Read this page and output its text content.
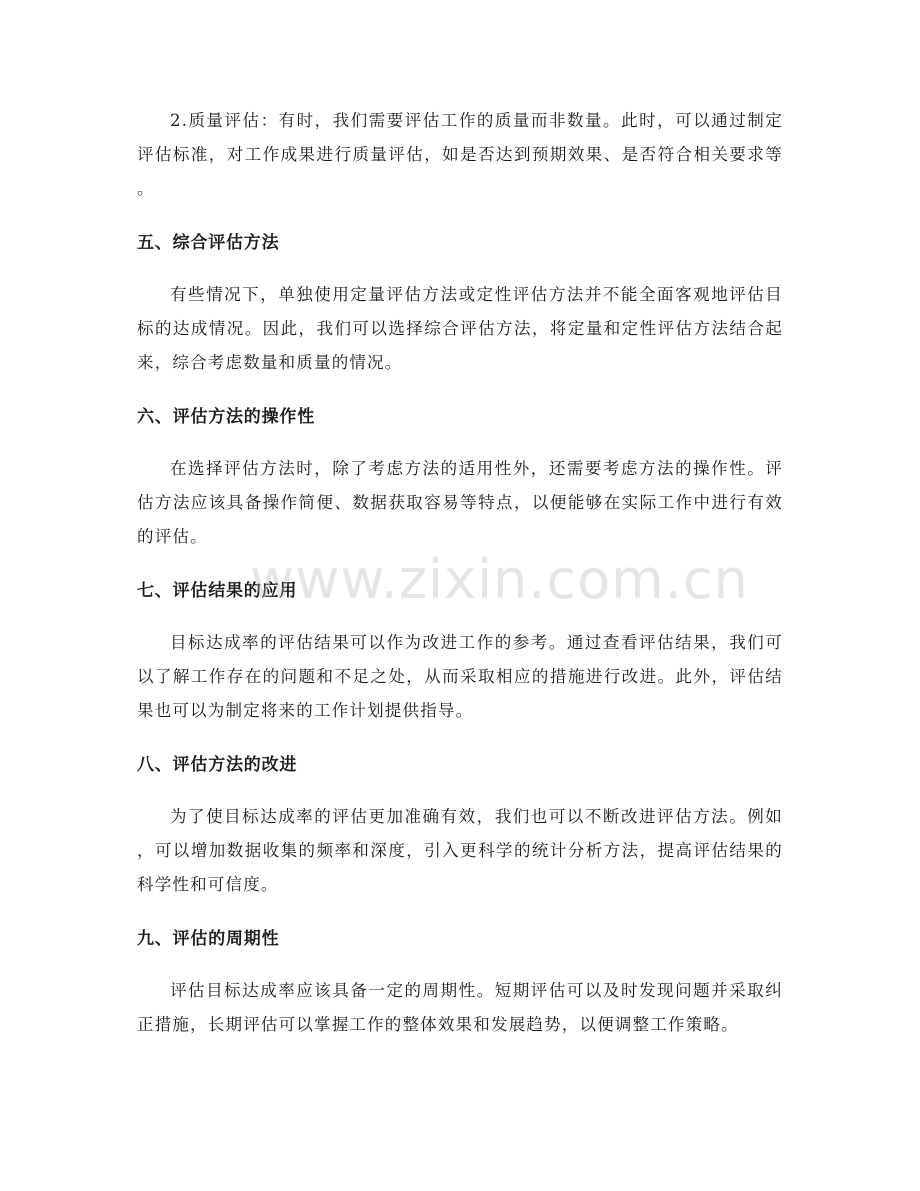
2.质量评估：有时，我们需要评估工作的质量而非数量。此时，可以通过制定
评估标准，对工作成果进行质量评估，如是否达到预期效果、是否符合相关要求等
。
五、综合评估方法
有些情况下，单独使用定量评估方法或定性评估方法并不能全面客观地评估目
标的达成情况。因此，我们可以选择综合评估方法，将定量和定性评估方法结合起
来，综合考虑数量和质量的情况。
六、评估方法的操作性
在选择评估方法时，除了考虑方法的适用性外，还需要考虑方法的操作性。评
估方法应该具备操作简便、数据获取容易等特点，以便能够在实际工作中进行有效
的评估。
七、评估结果的应用
目标达成率的评估结果可以作为改进工作的参考。通过查看评估结果，我们可
以了解工作存在的问题和不足之处，从而采取相应的措施进行改进。此外，评估结
果也可以为制定将来的工作计划提供指导。
八、评估方法的改进
为了使目标达成率的评估更加准确有效，我们也可以不断改进评估方法。例如
，可以增加数据收集的频率和深度，引入更科学的统计分析方法，提高评估结果的
科学性和可信度。
九、评估的周期性
评估目标达成率应该具备一定的周期性。短期评估可以及时发现问题并采取纠
正措施，长期评估可以掌握工作的整体效果和发展趋势，以便调整工作策略。
www.zixin.com.cn
